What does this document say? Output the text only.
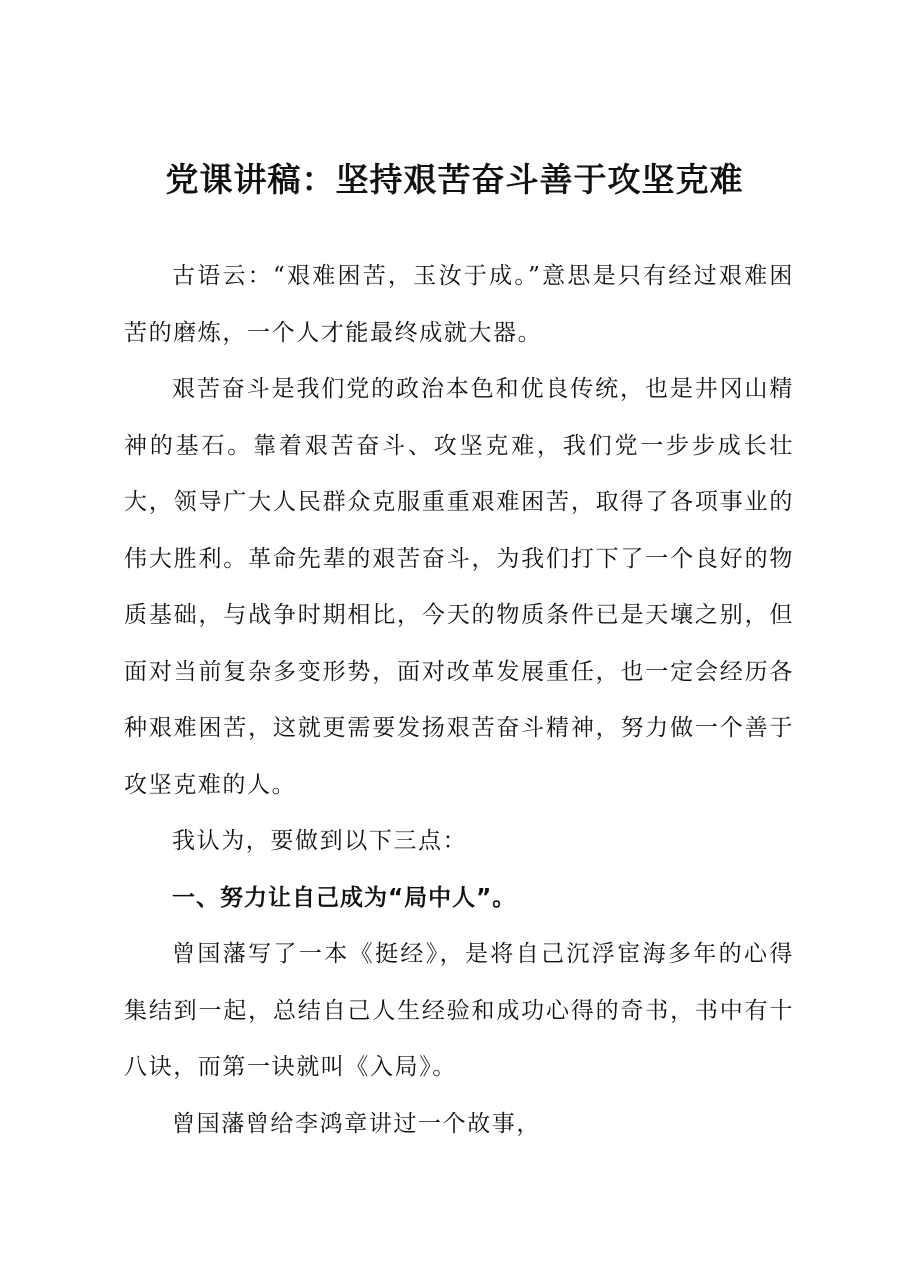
党课讲稿：坚持艰苦奋斗善于攻坚克难

古语云：“艰难困苦，玉汝于成。”意思是只有经过艰难困苦的磨炼，一个人才能最终成就大器。

艰苦奋斗是我们党的政治本色和优良传统，也是井冈山精神的基石。靠着艰苦奋斗、攻坚克难，我们党一步步成长壮大，领导广大人民群众克服重重艰难困苦，取得了各项事业的伟大胜利。革命先辈的艰苦奋斗，为我们打下了一个良好的物质基础，与战争时期相比，今天的物质条件已是天壤之别，但面对当前复杂多变形势，面对改革发展重任，也一定会经历各种艰难困苦，这就更需要发扬艰苦奋斗精神，努力做一个善于攻坚克难的人。

我认为，要做到以下三点：

一、努力让自己成为“局中人”。

曾国藩写了一本《挺经》，是将自己沉浮宦海多年的心得集结到一起，总结自己人生经验和成功心得的奇书，书中有十八诀，而第一诀就叫《入局》。

曾国藩曾给李鸿章讲过一个故事，
